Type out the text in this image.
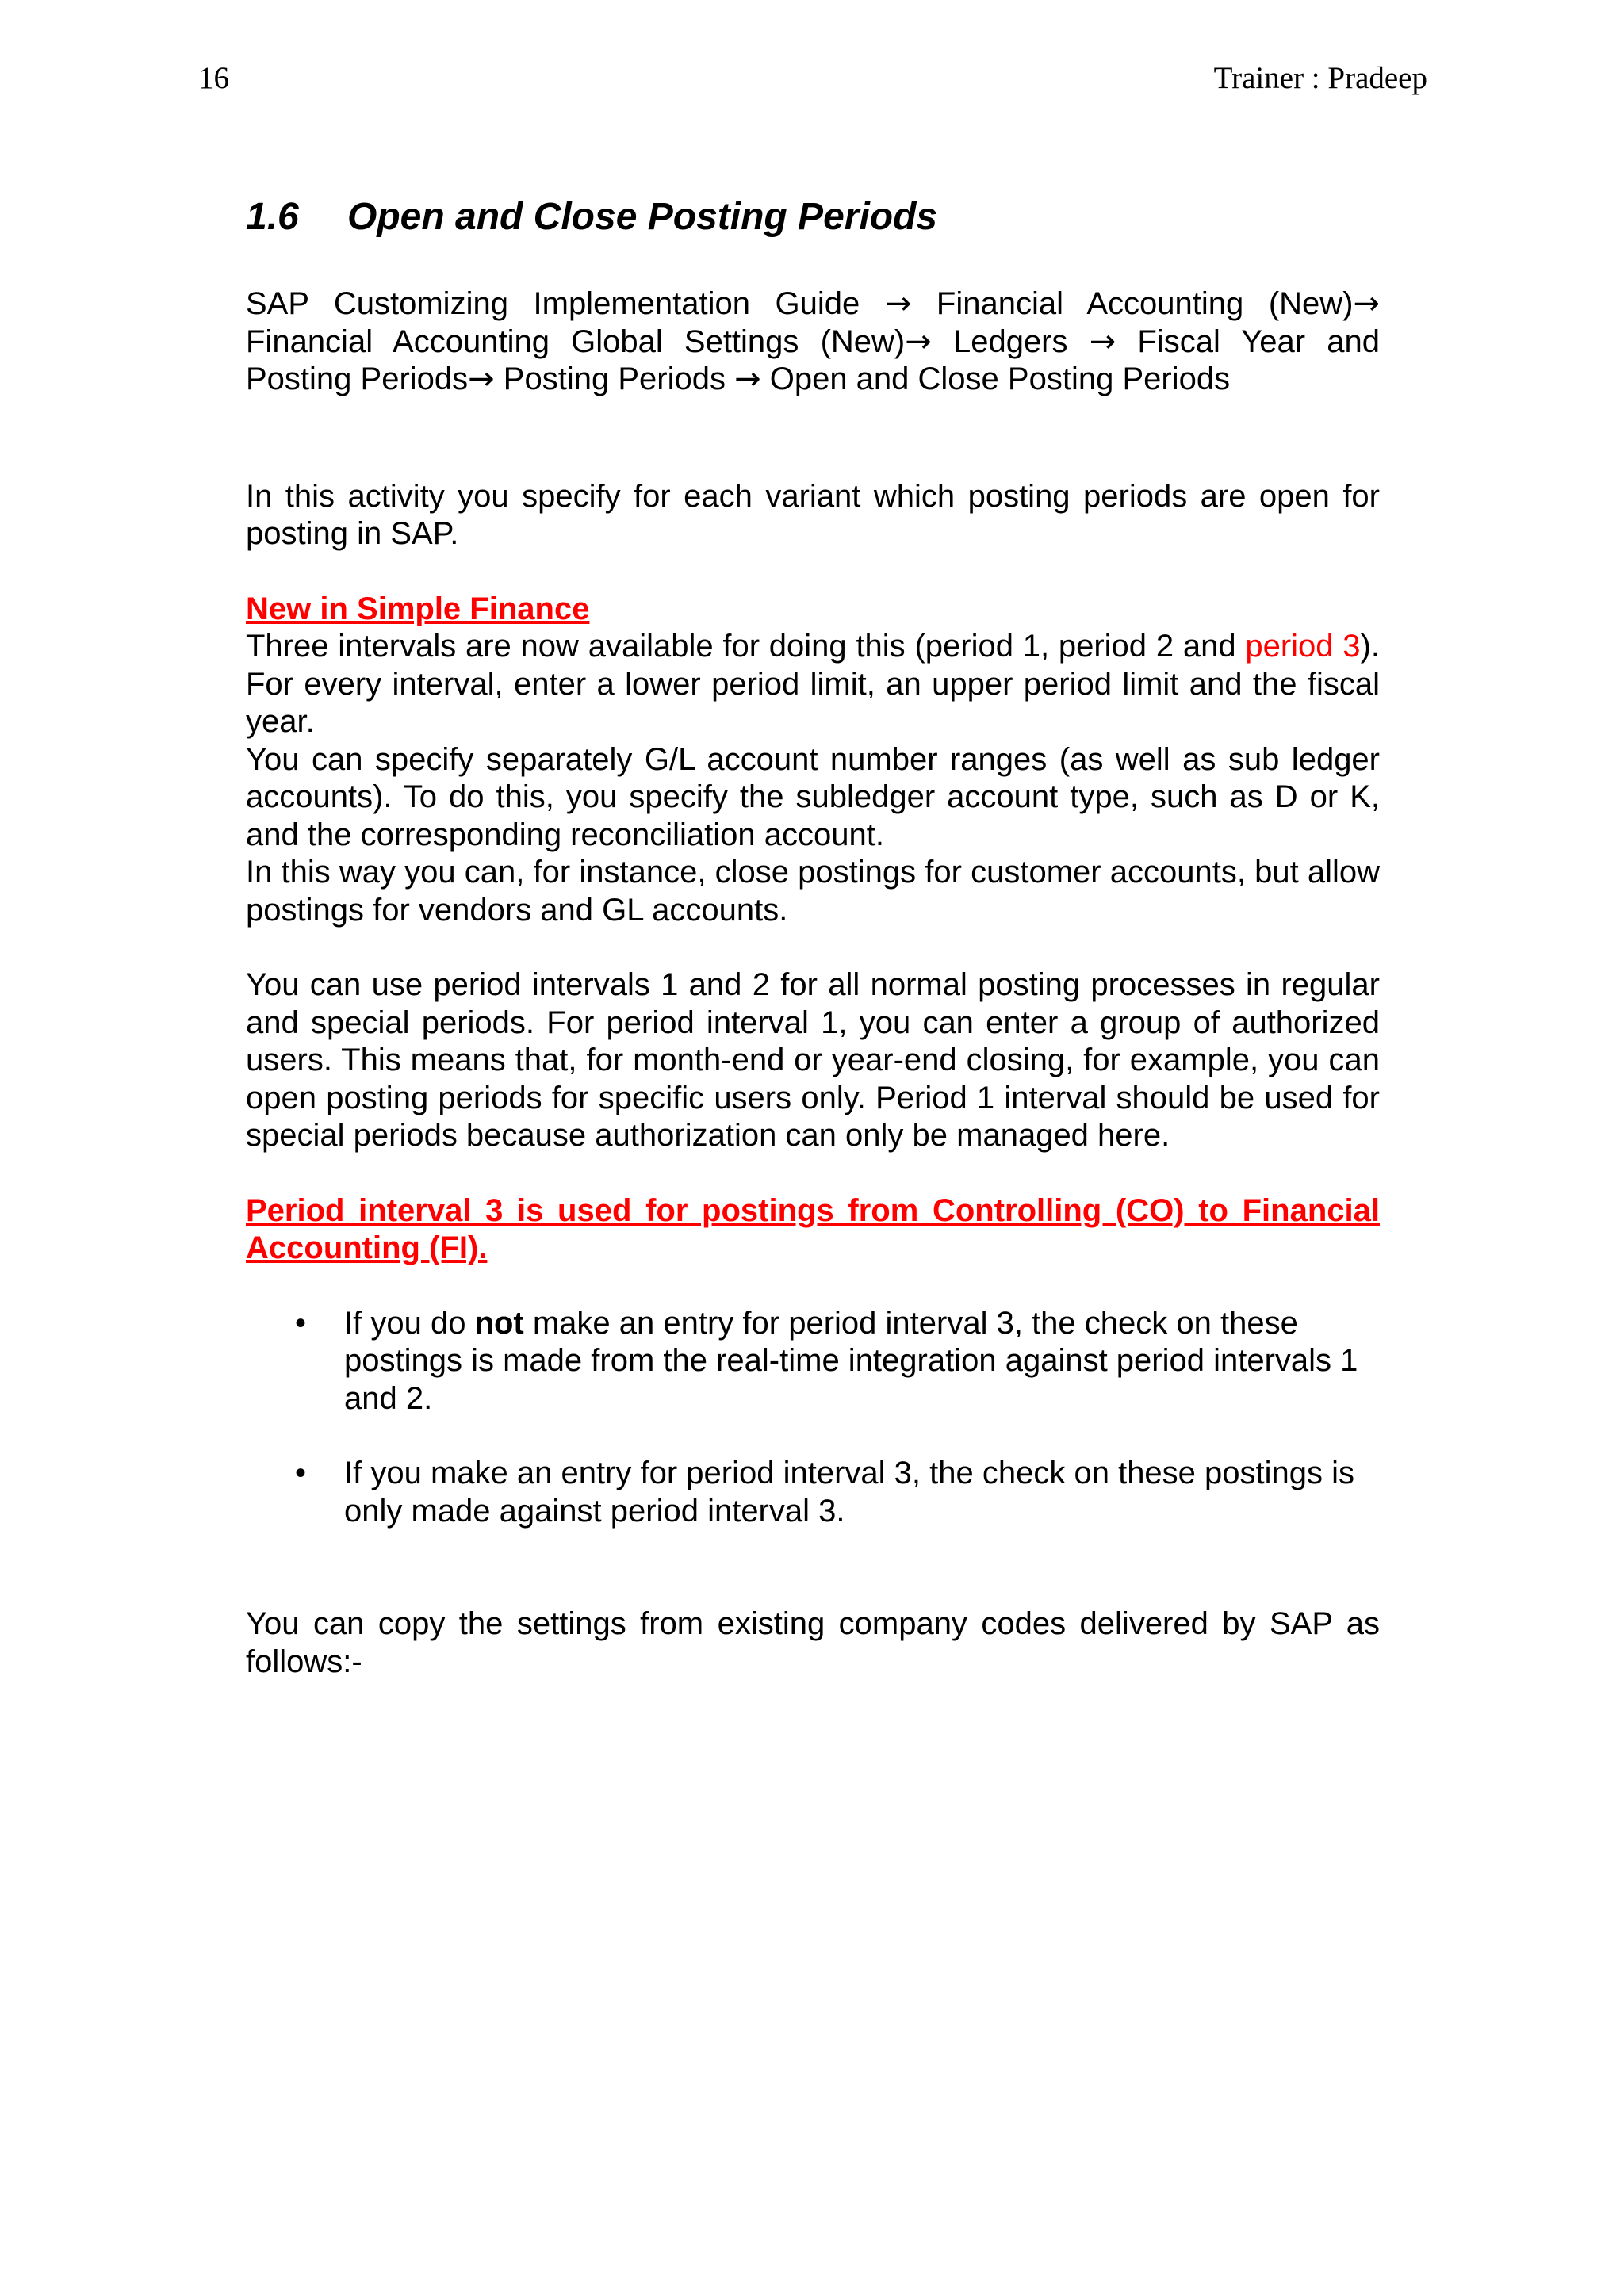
16	Trainer : Pradeep
1.6 Open and Close Posting Periods

SAP Customizing Implementation Guide → Financial Accounting (New)→ Financial Accounting Global Settings (New)→ Ledgers → Fiscal Year and Posting Periods→ Posting Periods → Open and Close Posting Periods

In this activity you specify for each variant which posting periods are open for posting in SAP.

New in Simple Finance

Three intervals are now available for doing this (period 1, period 2 and period 3). For every interval, enter a lower period limit, an upper period limit and the fiscal year.

You can specify separately G/L account number ranges (as well as sub ledger accounts). To do this, you specify the subledger account type, such as D or K, and the corresponding reconciliation account.

In this way you can, for instance, close postings for customer accounts, but allow postings for vendors and GL accounts.

You can use period intervals 1 and 2 for all normal posting processes in regular and special periods. For period interval 1, you can enter a group of authorized users. This means that, for month-end or year-end closing, for example, you can open posting periods for specific users only. Period 1 interval should be used for special periods because authorization can only be managed here.

Period interval 3 is used for postings from Controlling (CO) to Financial Accounting (FI).
• If you do not make an entry for period interval 3, the check on these postings is made from the real-time integration against period intervals 1 and 2.
• If you make an entry for period interval 3, the check on these postings is only made against period interval 3.

You can copy the settings from existing company codes delivered by SAP as follows:-
